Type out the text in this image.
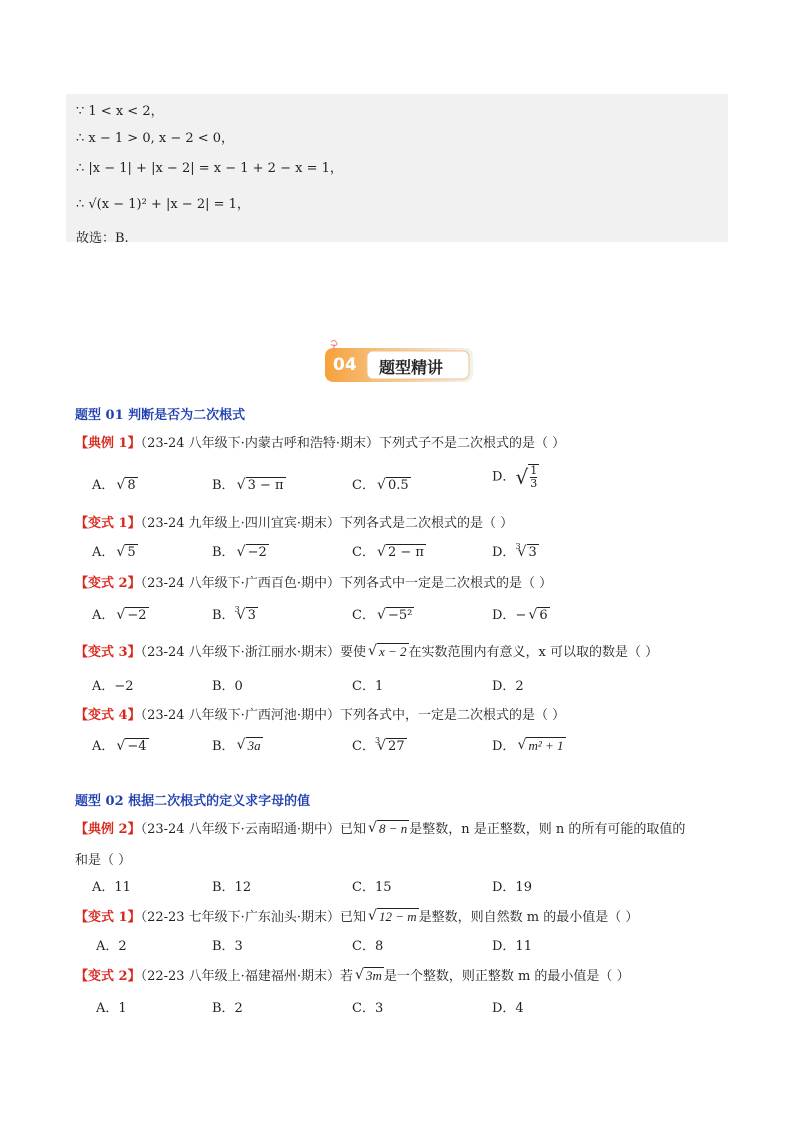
∵ 1 < x < 2，
∴ x − 1 > 0, x − 2 < 0，
∴ |x − 1| + |x − 2| = x − 1 + 2 − x = 1，
∴ √(x − 1)² + |x − 2| = 1，
故选：B.
04 题型精讲
题型 01 判断是否为二次根式
【典例 1】（23-24 八年级下·内蒙古呼和浩特·期末）下列式子不是二次根式的是（ ）
A． √ 8	B． √ 3 − π	C． √ 0.5
D．√ $\frac{1}{3}$
【变式 1】（23-24 九年级上·四川宜宾·期末）下列各式是二次根式的是（ ）
A． √ 5	B． √ −2	C． √ 2 − π	D．$^3$ √ 3
【变式 2】（23-24 八年级下·广西百色·期中）下列各式中一定是二次根式的是（ ）
A． √ −2	B．$^3$ √ 3	C． √ −5²	D．− √ 6
【变式 3】（23-24 八年级下·浙江丽水·期末）要使 √ x − 2 在实数范围内有意义，x 可以取的数是（ ）
A．−2	B．0	C．1	D．2
【变式 4】（23-24 八年级下·广西河池·期中）下列各式中，一定是二次根式的是（ ）
A． √ −4	B． √ 3a	C．$^3$ √ 27	D． √ m² + 1
题型 02 根据二次根式的定义求字母的值
【典例 2】（23-24 八年级下·云南昭通·期中）已知 √ 8 − n 是整数，n 是正整数，则 n 的所有可能的取值的
和是（ ）
A．11	B．12	C．15	D．19
【变式 1】（22-23 七年级下·广东汕头·期末）已知 √ 12 − m 是整数，则自然数 m 的最小值是（ ）
A．2	B．3	C．8	D．11
【变式 2】（22-23 八年级上·福建福州·期末）若 √ 3m 是一个整数，则正整数 m 的最小值是（ ）
A．1	B．2	C．3	D．4
